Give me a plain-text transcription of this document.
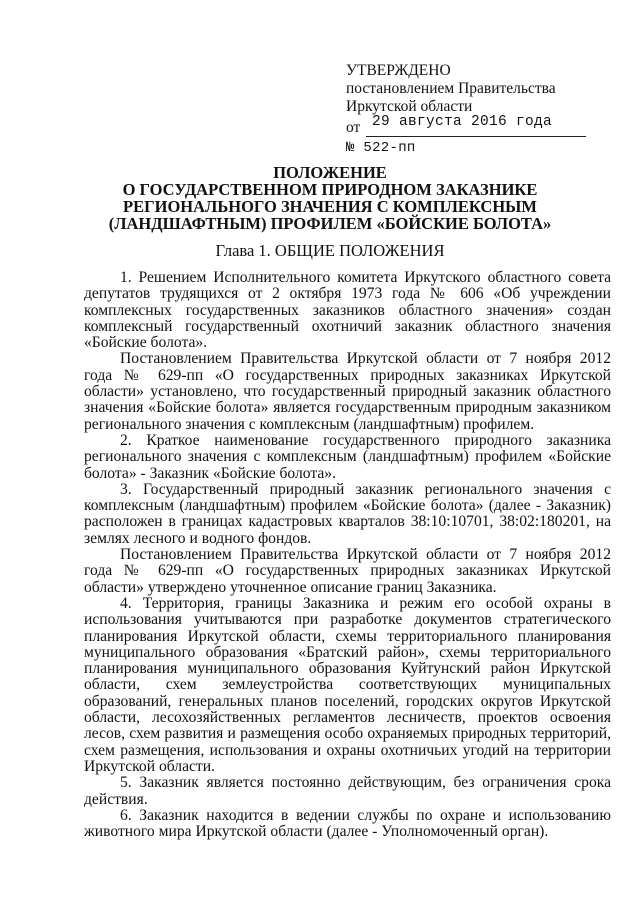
УТВЕРЖДЕНО
постановлением Правительства
Иркутской области
от 29 августа 2016 года
№ 522-пп
ПОЛОЖЕНИЕ
О ГОСУДАРСТВЕННОМ ПРИРОДНОМ ЗАКАЗНИКЕ
РЕГИОНАЛЬНОГО ЗНАЧЕНИЯ С КОМПЛЕКСНЫМ
(ЛАНДШАФТНЫМ) ПРОФИЛЕМ «БОЙСКИЕ БОЛОТА»
Глава 1. ОБЩИЕ ПОЛОЖЕНИЯ

1. Решением Исполнительного комитета Иркутского областного совета депутатов трудящихся от 2 октября 1973 года № 606 «Об учреждении комплексных государственных заказников областного значения» создан комплексный государственный охотничий заказник областного значения «Бойские болота».

Постановлением Правительства Иркутской области от 7 ноября 2012 года № 629-пп «О государственных природных заказниках Иркутской области» установлено, что государственный природный заказник областного значения «Бойские болота» является государственным природным заказником регионального значения с комплексным (ландшафтным) профилем.

2. Краткое наименование государственного природного заказника регионального значения с комплексным (ландшафтным) профилем «Бойские болота» - Заказник «Бойские болота».

3. Государственный природный заказник регионального значения с комплексным (ландшафтным) профилем «Бойские болота» (далее - Заказник) расположен в границах кадастровых кварталов 38:10:10701, 38:02:180201, на землях лесного и водного фондов.

Постановлением Правительства Иркутской области от 7 ноября 2012 года № 629-пп «О государственных природных заказниках Иркутской области» утверждено уточненное описание границ Заказника.

4. Территория, границы Заказника и режим его особой охраны в использования учитываются при разработке документов стратегического планирования Иркутской области, схемы территориального планирования муниципального образования «Братский район», схемы территориального планирования муниципального образования Куйтунский район Иркутской области, схем землеустройства соответствующих муниципальных образований, генеральных планов поселений, городских округов Иркутской области, лесохозяйственных регламентов лесничеств, проектов освоения лесов, схем развития и размещения особо охраняемых природных территорий, схем размещения, использования и охраны охотничьих угодий на территории Иркутской области.

5. Заказник является постоянно действующим, без ограничения срока действия.

6. Заказник находится в ведении службы по охране и использованию животного мира Иркутской области (далее - Уполномоченный орган).
